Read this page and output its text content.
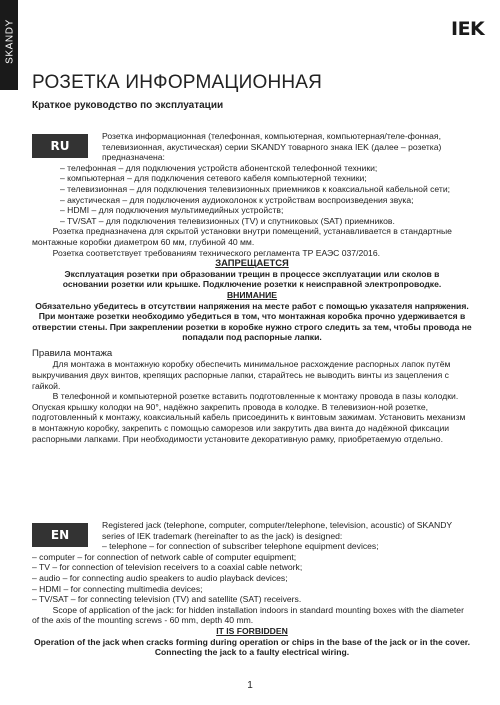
SKANDY	IEK
РОЗЕТКА ИНФОРМАЦИОННАЯ
Краткое руководство по эксплуатации
RU

Розетка информационная (телефонная, компьютерная, компьютерная/теле-фонная, телевизионная, акустическая) серии SKANDY товарного знака IEK (далее – розетка) предназначена:

– телефонная – для подключения устройств абонентской телефонной техники;

– компьютерная – для подключения сетевого кабеля компьютерной техники;

– телевизионная – для подключения телевизионных приемников к коаксиальной кабельной сети;

– акустическая – для подключения аудиоколонок к устройствам воспроизведения звука;

– HDMI – для подключения мультимедийных устройств;

– TV/SAT – для подключения телевизионных (TV) и спутниковых (SAT) приемников.

Розетка предназначена для скрытой установки внутри помещений, устанавливается в стандартные монтажные коробки диаметром 60 мм, глубиной 40 мм.

Розетка соответствует требованиям технического регламента ТР ЕАЭС 037/2016.

ЗАПРЕЩАЕТСЯ

Эксплуатация розетки при образовании трещин в процессе эксплуатации или сколов в основании розетки или крышке. Подключение розетки к неисправной электропроводке.

ВНИМАНИЕ

Обязательно убедитесь в отсутствии напряжения на месте работ с помощью указателя напряжения. При монтаже розетки необходимо убедиться в том, что монтажная коробка прочно удерживается в отверстии стены. При закреплении розетки в коробке нужно строго следить за тем, чтобы провода не попадали под распорные лапки.

Правила монтажа

Для монтажа в монтажную коробку обеспечить минимальное расхождение распорных лапок путём выкручивания двух винтов, крепящих распорные лапки, старайтесь не выводить винты из зацепления с гайкой.

В телефонной и компьютерной розетке вставить подготовленные к монтажу провода в пазы колодки. Опуская крышку колодки на 90°, надёжно закрепить провода в колодке. В телевизион-ной розетке, подготовленный к монтажу, коаксиальный кабель присоединить к винтовым зажимам. Установить механизм в монтажную коробку, закрепить с помощью саморезов или закрутить два винта до надёжной фиксации распорными лапками. При необходимости установите декоративную рамку, приобретаемую отдельно.

EN

Registered jack (telephone, computer, computer/telephone, television, acoustic) of SKANDY series of IEK trademark (hereinafter to as the jack) is designed:

– telephone – for connection of subscriber telephone equipment devices;

– computer – for connection of network cable of computer equipment;

– TV – for connection of television receivers to a coaxial cable network;

– audio – for connecting audio speakers to audio playback devices;

– HDMI – for connecting multimedia devices;

– TV/SAT – for connecting television (TV) and satellite (SAT) receivers.

Scope of application of the jack: for hidden installation indoors in standard mounting boxes with the diameter of the axis of the mounting screws - 60 mm, depth 40 mm.

IT IS FORBIDDEN

Operation of the jack when cracks forming during operation or chips in the base of the jack or in the cover. Connecting the jack to a faulty electrical wiring.

1
